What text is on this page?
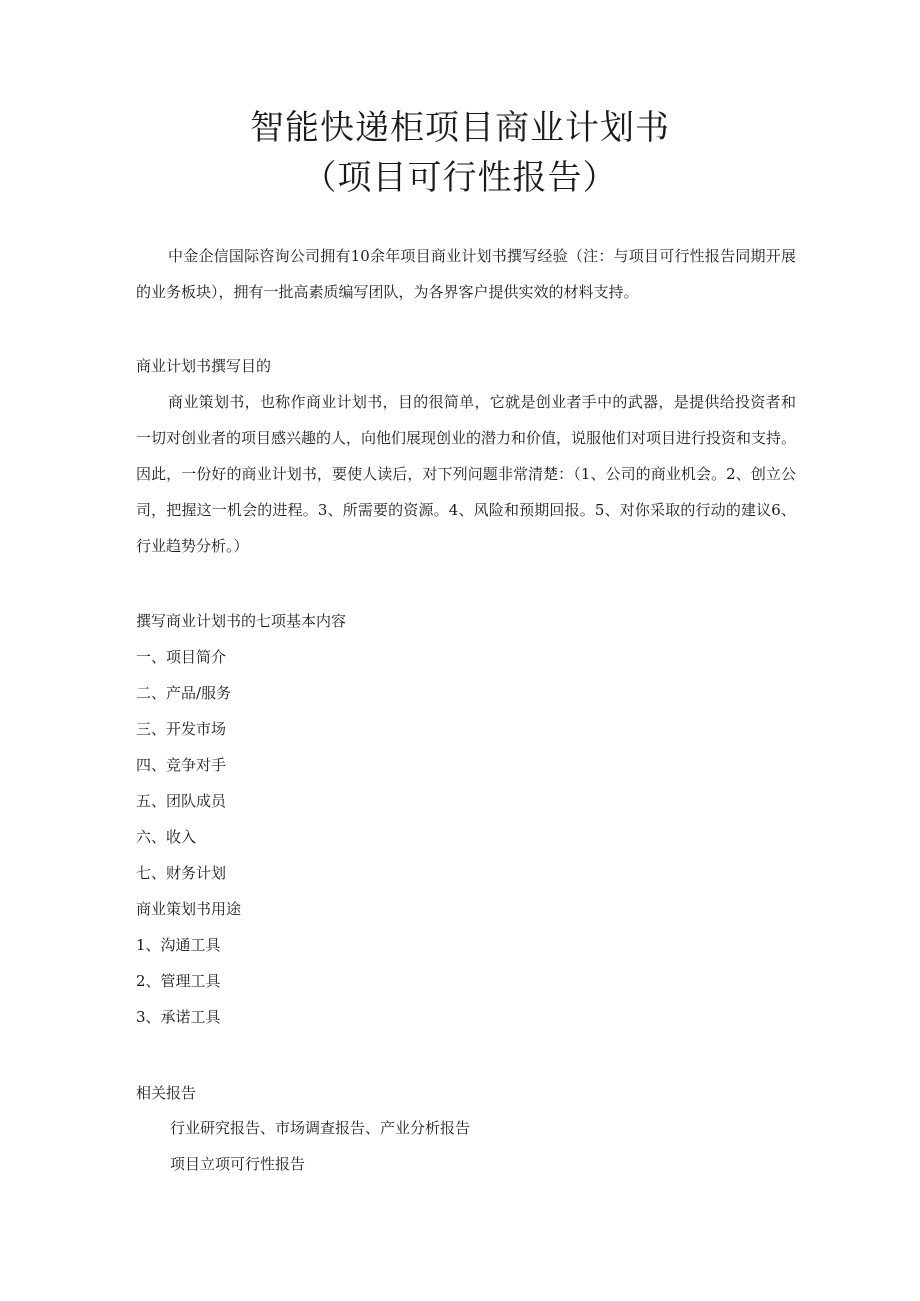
智能快递柜项目商业计划书
（项目可行性报告）

中金企信国际咨询公司拥有10余年项目商业计划书撰写经验（注：与项目可行性报告同期开展的业务板块），拥有一批高素质编写团队，为各界客户提供实效的材料支持。

商业计划书撰写目的

商业策划书，也称作商业计划书，目的很简单，它就是创业者手中的武器，是提供给投资者和一切对创业者的项目感兴趣的人，向他们展现创业的潜力和价值，说服他们对项目进行投资和支持。因此，一份好的商业计划书，要使人读后，对下列问题非常清楚：（1、公司的商业机会。2、创立公司，把握这一机会的进程。3、所需要的资源。4、风险和预期回报。5、对你采取的行动的建议6、行业趋势分析。）

撰写商业计划书的七项基本内容
一、项目简介
二、产品/服务
三、开发市场
四、竞争对手
五、团队成员
六、收入
七、财务计划
商业策划书用途
1、沟通工具
2、管理工具
3、承诺工具
相关报告
行业研究报告、市场调查报告、产业分析报告
项目立项可行性报告
